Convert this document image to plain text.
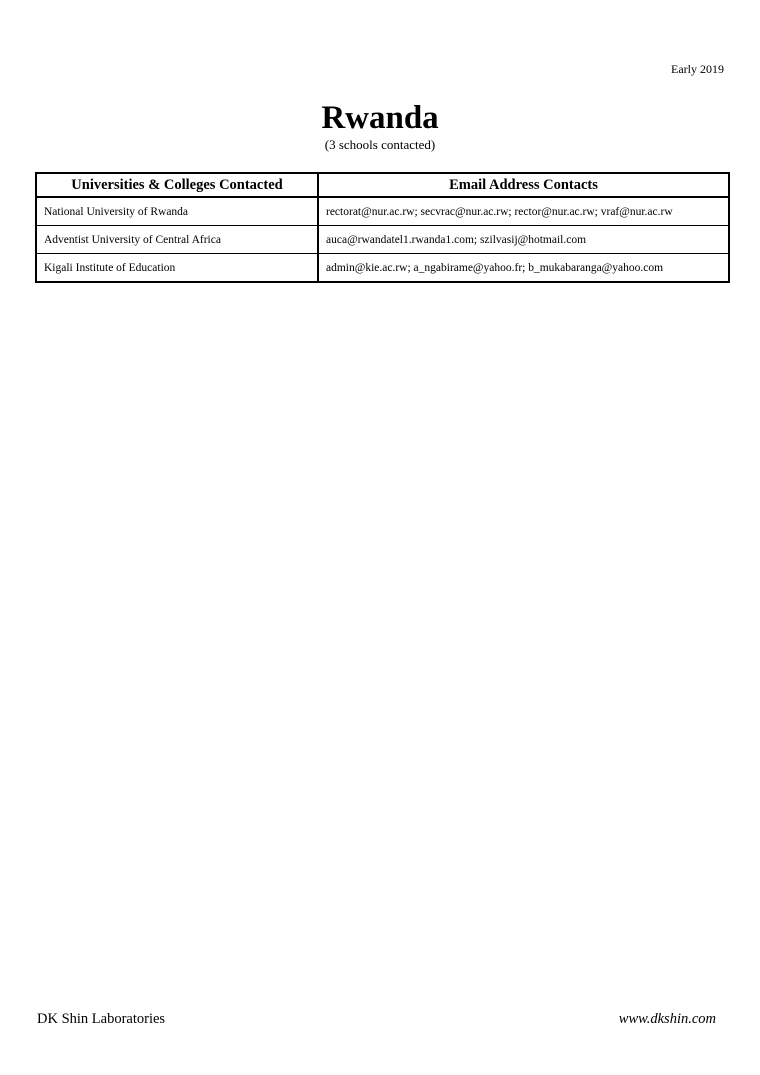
Early 2019
Rwanda
(3 schools contacted)
Universities & Colleges Contacted	Email Address Contacts
National University of Rwanda	rectorat@nur.ac.rw; secvrac@nur.ac.rw; rector@nur.ac.rw; vraf@nur.ac.rw
Adventist University of Central Africa	auca@rwandatel1.rwanda1.com; szilvasij@hotmail.com
Kigali Institute of Education	admin@kie.ac.rw; a_ngabirame@yahoo.fr; b_mukabaranga@yahoo.com
DK Shin Laboratories	www.dkshin.com
